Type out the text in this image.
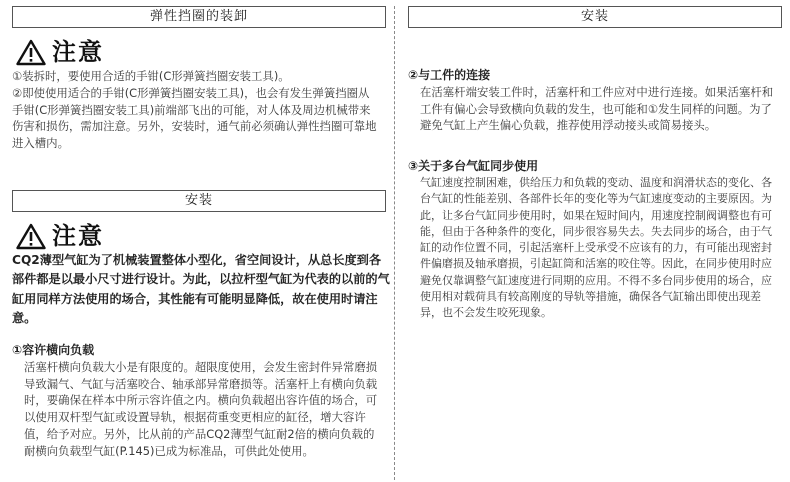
弹性挡圈的装卸
注意

①装拆时，要使用合适的手钳(C形弹簧挡圈安装工具)。

②即使使用适合的手钳(C形弹簧挡圈安装工具)，也会有发生弹簧挡圈从手钳(C形弹簧挡圈安装工具)前端部飞出的可能，对人体及周边机械带来伤害和损伤，需加注意。另外，安装时，通气前必须确认弹性挡圈可靠地进入槽内。

安装
注意

CQ2薄型气缸为了机械装置整体小型化，省空间设计，从总长度到各部件都是以最小尺寸进行设计。为此，以拉杆型气缸为代表的以前的气缸用同样方法使用的场合，其性能有可能明显降低，故在使用时请注意。

①容许横向负载

活塞杆横向负载大小是有限度的。超限度使用，会发生密封件异常磨损导致漏气、气缸与活塞咬合、轴承部异常磨损等。活塞杆上有横向负载时，要确保在样本中所示容许值之内。横向负载超出容许值的场合，可以使用双杆型气缸或设置导轨，根据荷重变更相应的缸径，增大容许值，给予对应。另外，比从前的产品CQ2薄型气缸耐2倍的横向负载的耐横向负载型气缸(P.145)已成为标准品，可供此处使用。

安装

②与工件的连接

在活塞杆端安装工件时，活塞杆和工件应对中进行连接。如果活塞杆和工件有偏心会导致横向负载的发生，也可能和①发生同样的问题。为了避免气缸上产生偏心负载，推荐使用浮动接头或简易接头。

③关于多台气缸同步使用

气缸速度控制困难，供给压力和负载的变动、温度和润滑状态的变化、各台气缸的性能差别、各部件长年的变化等为气缸速度变动的主要原因。为此，让多台气缸同步使用时，如果在短时间内，用速度控制阀调整也有可能，但由于各种条件的变化，同步很容易失去。失去同步的场合，由于气缸的动作位置不同，引起活塞杆上受承受不应该有的力，有可能出现密封件偏磨损及轴承磨损，引起缸筒和活塞的咬住等。因此，在同步使用时应避免仅靠调整气缸速度进行同期的应用。不得不多台同步使用的场合，应使用相对载荷具有较高刚度的导轨等措施，确保各气缸输出即使出现差异，也不会发生咬死现象。
